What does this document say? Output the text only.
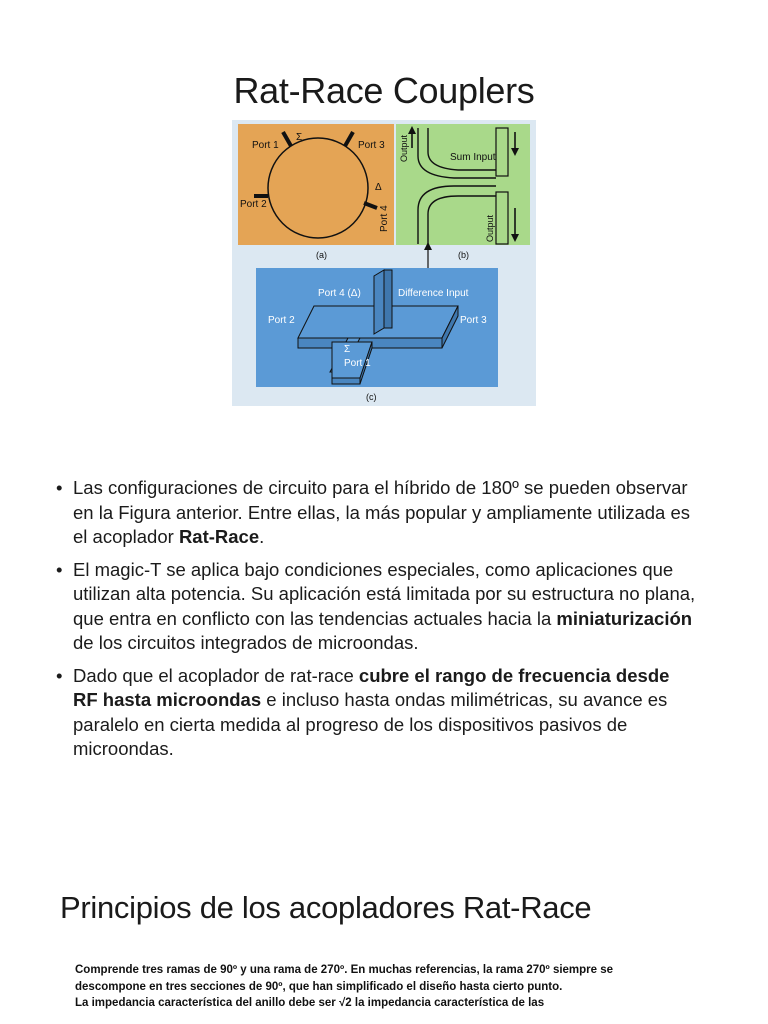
Rat-Race Couplers
Port 1
Σ
Port 3
Δ
Port 2
Port 4
(a)
Output	Sum Input
Output
(b)
Port 4 (Δ)	Difference Input
Port 2	Port 3
Σ
Port 1
(c)
• Las configuraciones de circuito para el híbrido de 180º se pueden observar en la Figura anterior. Entre ellas, la más popular y ampliamente utilizada es el acoplador Rat-Race.
• El magic-T se aplica bajo condiciones especiales, como aplicaciones que utilizan alta potencia. Su aplicación está limitada por su estructura no plana, que entra en conflicto con las tendencias actuales hacia la miniaturización de los circuitos integrados de microondas.
• Dado que el acoplador de rat-race cubre el rango de frecuencia desde RF hasta microondas e incluso hasta ondas milimétricas, su avance es paralelo en cierta medida al progreso de los dispositivos pasivos de microondas.
Principios de los acopladores Rat-Race

Comprende tres ramas de 90º y una rama de 270º. En muchas referencias, la rama 270º siempre se descompone en tres secciones de 90º, que han simplificado el diseño hasta cierto punto.

La impedancia característica del anillo debe ser √2 la impedancia característica de las
